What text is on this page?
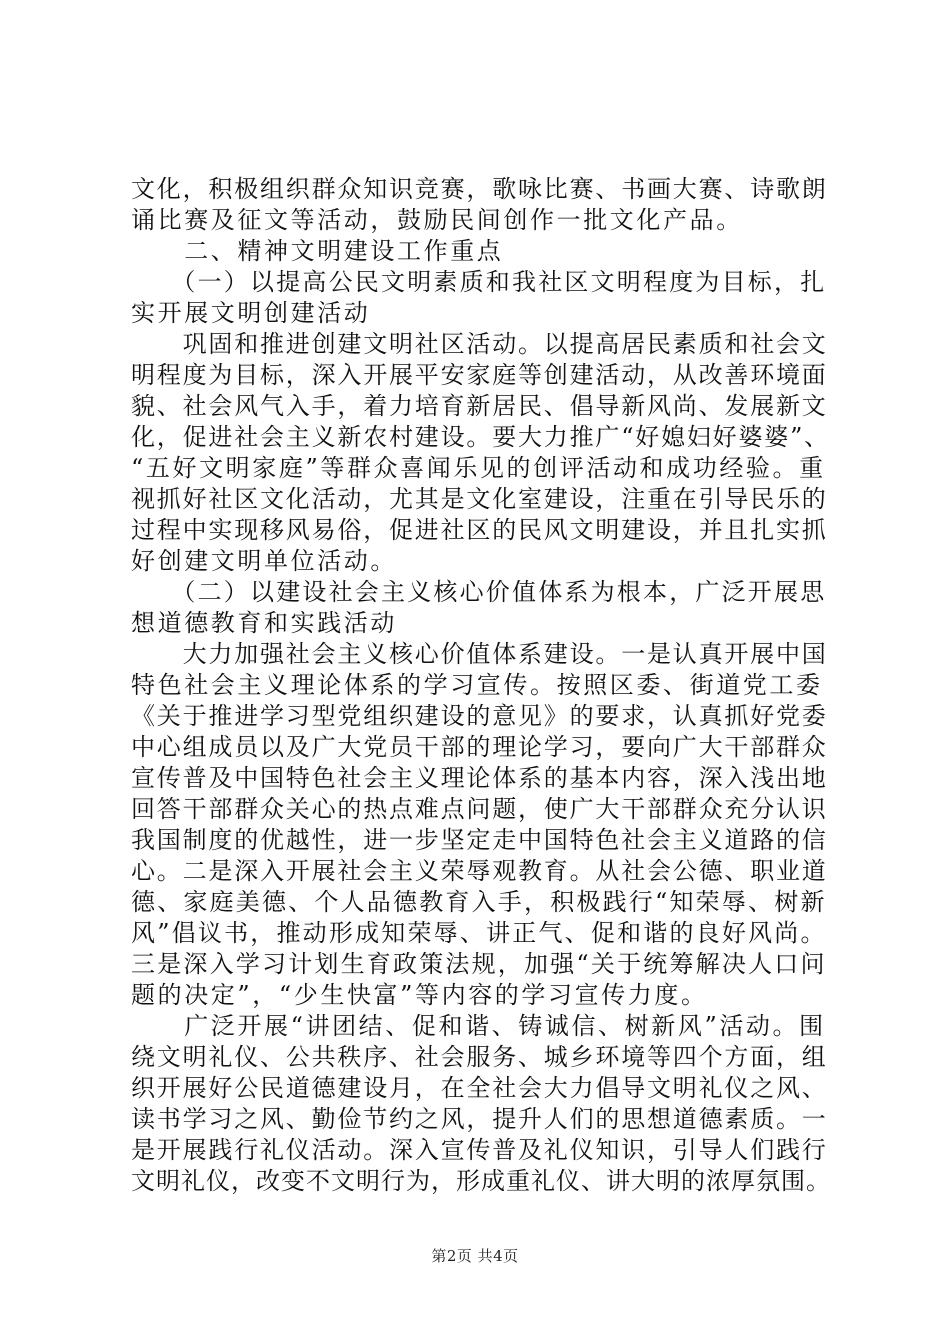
文化，积极组织群众知识竞赛，歌咏比赛、书画大赛、诗歌朗
诵比赛及征文等活动，鼓励民间创作一批文化产品。
　　二、精神文明建设工作重点
　　（一）以提高公民文明素质和我社区文明程度为目标，扎
实开展文明创建活动
　　巩固和推进创建文明社区活动。以提高居民素质和社会文
明程度为目标，深入开展平安家庭等创建活动，从改善环境面
貌、社会风气入手，着力培育新居民、倡导新风尚、发展新文
化，促进社会主义新农村建设。要大力推广“好媳妇好婆婆”、
“五好文明家庭”等群众喜闻乐见的创评活动和成功经验。重
视抓好社区文化活动，尤其是文化室建设，注重在引导民乐的
过程中实现移风易俗，促进社区的民风文明建设，并且扎实抓
好创建文明单位活动。
　　（二）以建设社会主义核心价值体系为根本，广泛开展思
想道德教育和实践活动
　　大力加强社会主义核心价值体系建设。一是认真开展中国
特色社会主义理论体系的学习宣传。按照区委、街道党工委
《关于推进学习型党组织建设的意见》的要求，认真抓好党委
中心组成员以及广大党员干部的理论学习，要向广大干部群众
宣传普及中国特色社会主义理论体系的基本内容，深入浅出地
回答干部群众关心的热点难点问题，使广大干部群众充分认识
我国制度的优越性，进一步坚定走中国特色社会主义道路的信
心。二是深入开展社会主义荣辱观教育。从社会公德、职业道
德、家庭美德、个人品德教育入手，积极践行“知荣辱、树新
风”倡议书，推动形成知荣辱、讲正气、促和谐的良好风尚。
三是深入学习计划生育政策法规，加强“关于统筹解决人口问
题的决定”，“少生快富”等内容的学习宣传力度。
　　广泛开展“讲团结、促和谐、铸诚信、树新风”活动。围
绕文明礼仪、公共秩序、社会服务、城乡环境等四个方面，组
织开展好公民道德建设月，在全社会大力倡导文明礼仪之风、
读书学习之风、勤俭节约之风，提升人们的思想道德素质。一
是开展践行礼仪活动。深入宣传普及礼仪知识，引导人们践行
文明礼仪，改变不文明行为，形成重礼仪、讲大明的浓厚氛围。
第2页 共4页
